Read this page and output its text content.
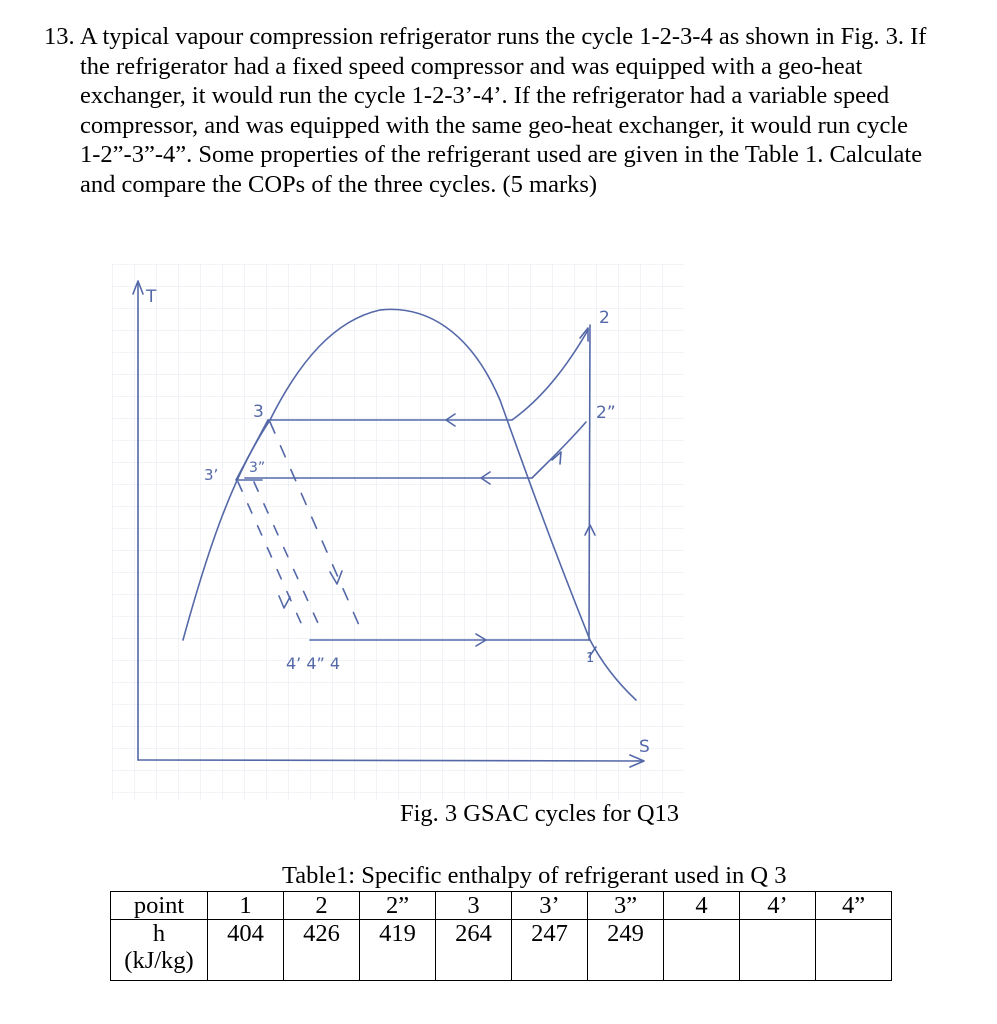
13. A typical vapour compression refrigerator runs the cycle 1-2-3-4 as shown in Fig. 3. If
the refrigerator had a fixed speed compressor and was equipped with a geo-heat
exchanger, it would run the cycle 1-2-3’-4’. If the refrigerator had a variable speed
compressor, and was equipped with the same geo-heat exchanger, it would run cycle
1-2”-3”-4”. Some properties of the refrigerant used are given in the Table 1. Calculate
and compare the COPs of the three cycles. (5 marks)
T
S
2
2”
3
3’ 3”
1
4’ 4” 4
Fig. 3 GSAC cycles for Q13
Table1: Specific enthalpy of refrigerant used in Q 3
point	1	2	2”	3	3’	3”	4	4’	4”

h
(kJ/kg)	404	426	419	264	247	249			
